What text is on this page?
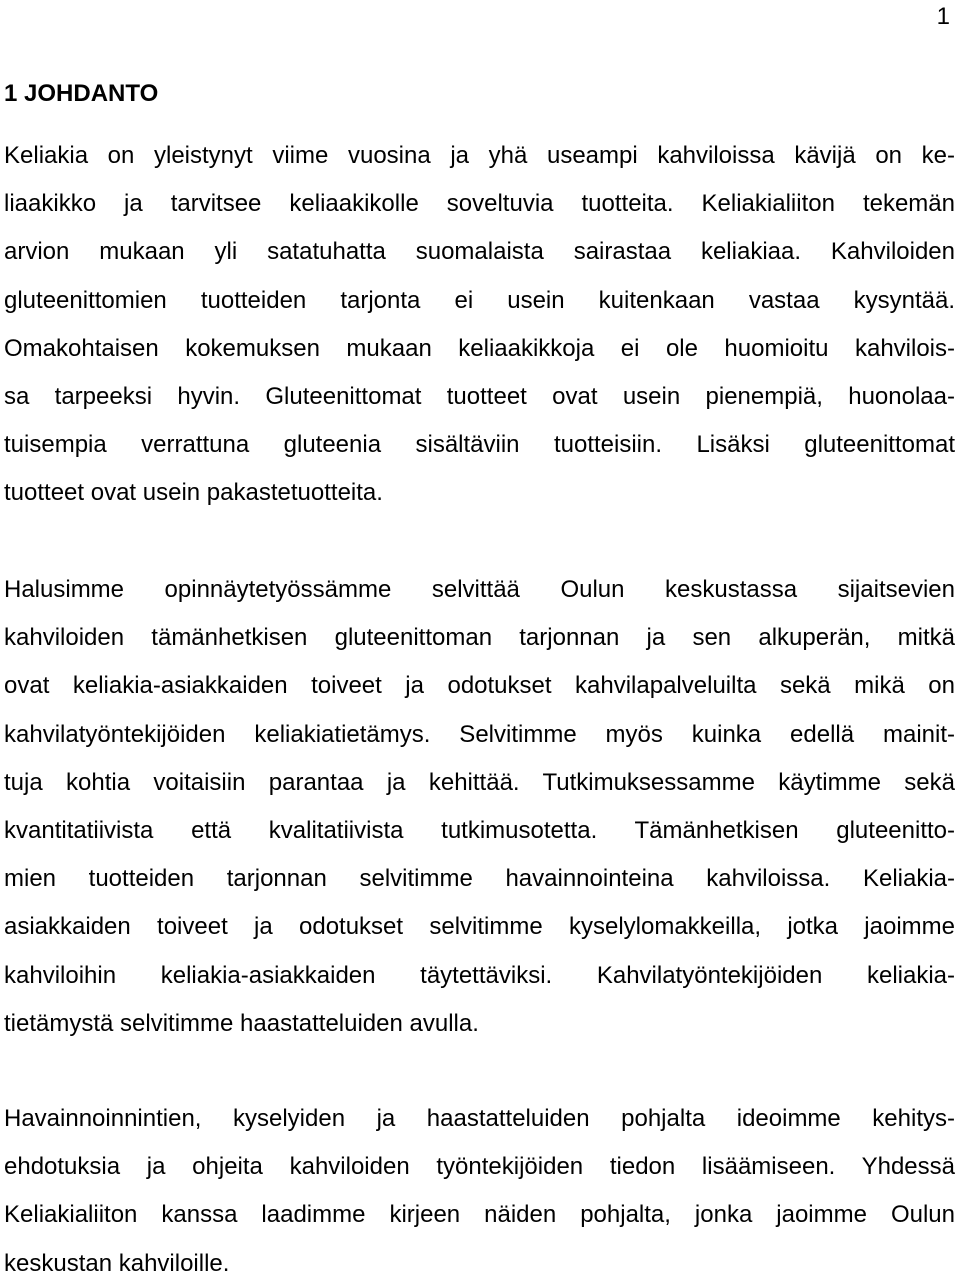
1
1 JOHDANTO
Keliakia on yleistynyt viime vuosina ja yhä useampi kahviloissa kävijä on ke-
liaakikko ja tarvitsee keliaakikolle soveltuvia tuotteita. Keliakialiiton tekemän
arvion mukaan yli satatuhatta suomalaista sairastaa keliakiaa. Kahviloiden
gluteenittomien tuotteiden tarjonta ei usein kuitenkaan vastaa kysyntää.
Omakohtaisen kokemuksen mukaan keliaakikkoja ei ole huomioitu kahvilois-
sa tarpeeksi hyvin. Gluteenittomat tuotteet ovat usein pienempiä, huonolaa-
tuisempia verrattuna gluteenia sisältäviin tuotteisiin. Lisäksi gluteenittomat
tuotteet ovat usein pakastetuotteita.
Halusimme opinnäytetyössämme selvittää Oulun keskustassa sijaitsevien
kahviloiden tämänhetkisen gluteenittoman tarjonnan ja sen alkuperän, mitkä
ovat keliakia-asiakkaiden toiveet ja odotukset kahvilapalveluilta sekä mikä on
kahvilatyöntekijöiden keliakiatietämys. Selvitimme myös kuinka edellä mainit-
tuja kohtia voitaisiin parantaa ja kehittää. Tutkimuksessamme käytimme sekä
kvantitatiivista että kvalitatiivista tutkimusotetta. Tämänhetkisen gluteenitto-
mien tuotteiden tarjonnan selvitimme havainnointeina kahviloissa. Keliakia-
asiakkaiden toiveet ja odotukset selvitimme kyselylomakkeilla, jotka jaoimme
kahviloihin keliakia-asiakkaiden täytettäviksi. Kahvilatyöntekijöiden keliakia-
tietämystä selvitimme haastatteluiden avulla.
Havainnoinnintien, kyselyiden ja haastatteluiden pohjalta ideoimme kehitys-
ehdotuksia ja ohjeita kahviloiden työntekijöiden tiedon lisäämiseen. Yhdessä
Keliakialiiton kanssa laadimme kirjeen näiden pohjalta, jonka jaoimme Oulun
keskustan kahviloille.
